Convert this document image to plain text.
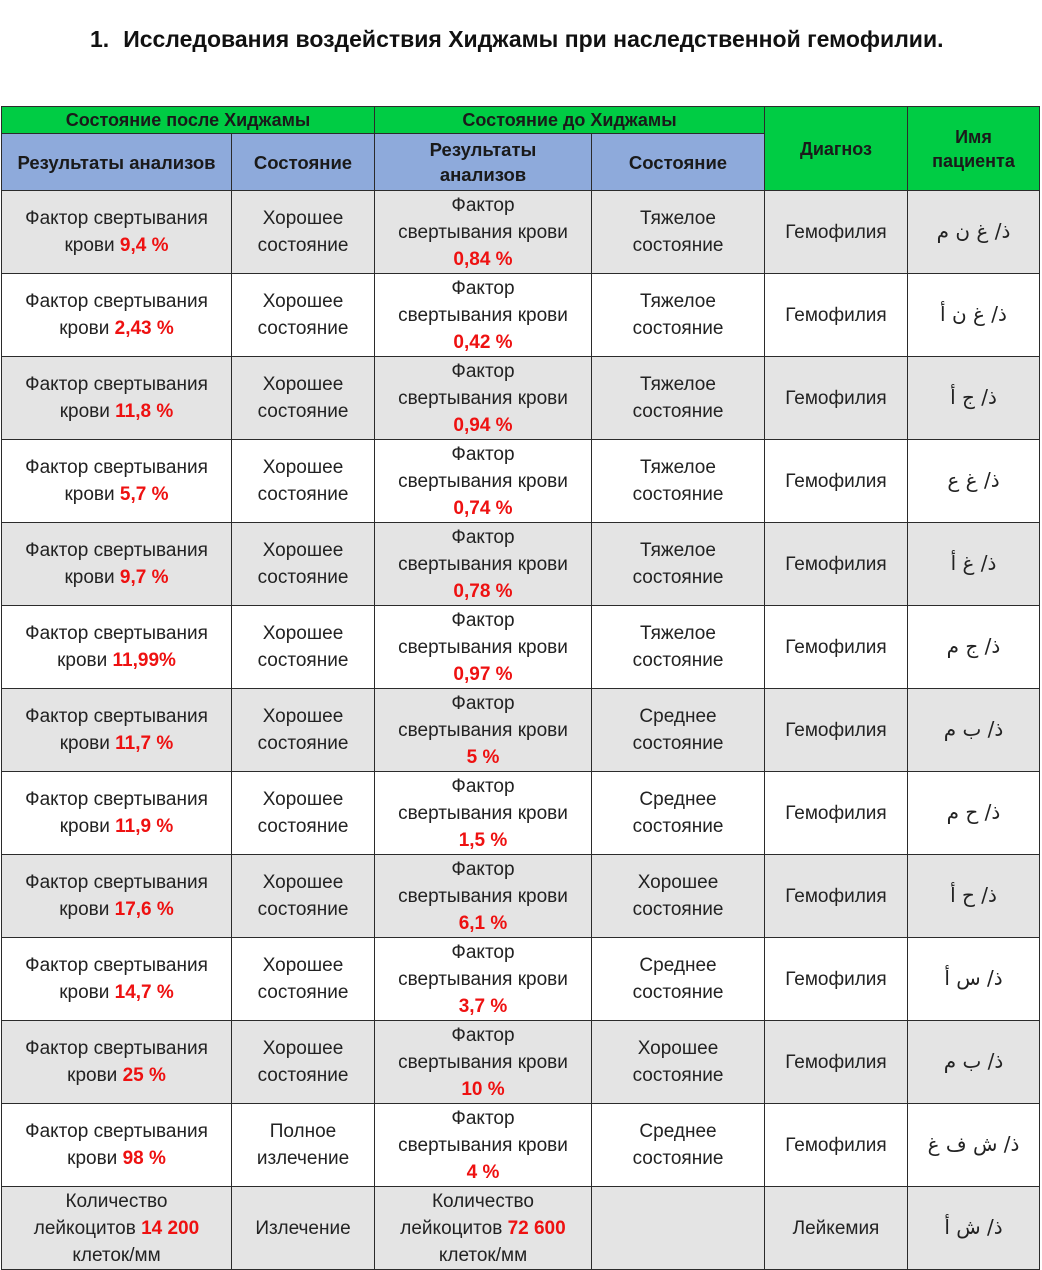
1. Исследования воздействия Хиджамы при наследственной гемофилии.
Состояние после Хиджамы		Состояние до Хиджамы		Диагноз	Имя
пациента
Результаты анализов	Состояние	Результаты
анализов	Состояние		
Фактор свертывания
крови 9,4 %	Хорошее
состояние	Фактор
свертывания крови
0,84 %	Тяжелое
состояние	Гемофилия	ذ/ غ ن م
Фактор свертывания
крови 2,43 %	Хорошее
состояние	Фактор
свертывания крови
0,42 %	Тяжелое
состояние	Гемофилия	ذ/ غ ن أ
Фактор свертывания
крови 11,8 %	Хорошее
состояние	Фактор
свертывания крови
0,94 %	Тяжелое
состояние	Гемофилия	ذ/ ج أ
Фактор свертывания
крови 5,7 %	Хорошее
состояние	Фактор
свертывания крови
0,74 %	Тяжелое
состояние	Гемофилия	ذ/ غ ع
Фактор свертывания
крови 9,7 %	Хорошее
состояние	Фактор
свертывания крови
0,78 %	Тяжелое
состояние	Гемофилия	ذ/ غ أ
Фактор свертывания
крови 11,99%	Хорошее
состояние	Фактор
свертывания крови
0,97 %	Тяжелое
состояние	Гемофилия	ذ/ ج م
Фактор свертывания
крови 11,7 %	Хорошее
состояние	Фактор
свертывания крови
5 %	Среднее
состояние	Гемофилия	ذ/ ب م
Фактор свертывания
крови 11,9 %	Хорошее
состояние	Фактор
свертывания крови
1,5 %	Среднее
состояние	Гемофилия	ذ/ ح م
Фактор свертывания
крови 17,6 %	Хорошее
состояние	Фактор
свертывания крови
6,1 %	Хорошее
состояние	Гемофилия	ذ/ ح أ
Фактор свертывания
крови 14,7 %	Хорошее
состояние	Фактор
свертывания крови
3,7 %	Среднее
состояние	Гемофилия	ذ/ س أ
Фактор свертывания
крови 25 %	Хорошее
состояние	Фактор
свертывания крови
10 %	Хорошее
состояние	Гемофилия	ذ/ ب م
Фактор свертывания
крови 98 %	Полное
излечение	Фактор
свертывания крови
4 %	Среднее
состояние	Гемофилия	ذ/ ش ف غ
Количество
лейкоцитов 14 200
клеток/мм	Излечение	Количество
лейкоцитов 72 600
клеток/мм		Лейкемия	ذ/ ش أ
